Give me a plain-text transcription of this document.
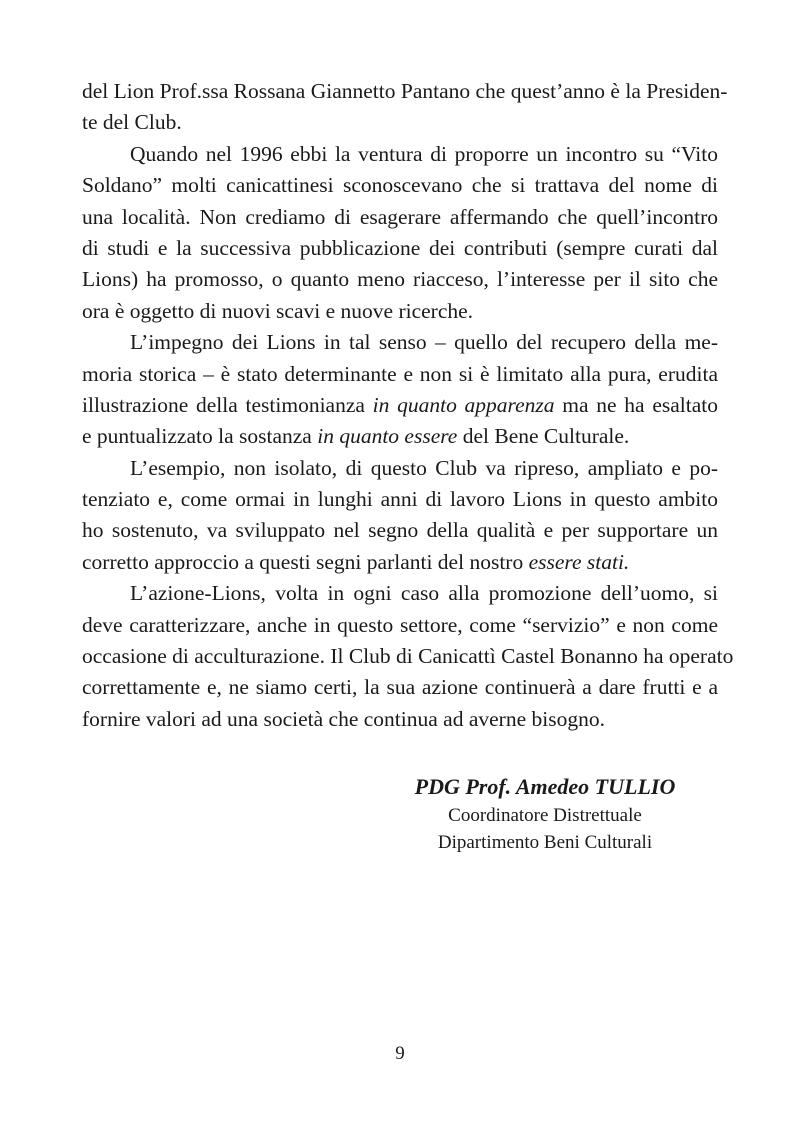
del Lion Prof.ssa Rossana Giannetto Pantano che quest’anno è la Presiden-
te del Club.
Quando nel 1996 ebbi la ventura di proporre un incontro su “Vito
Soldano” molti canicattinesi sconoscevano che si trattava del nome di
una località. Non crediamo di esagerare affermando che quell’incontro
di studi e la successiva pubblicazione dei contributi (sempre curati dal
Lions) ha promosso, o quanto meno riacceso, l’interesse per il sito che
ora è oggetto di nuovi scavi e nuove ricerche.
L’impegno dei Lions in tal senso – quello del recupero della me-
moria storica – è stato determinante e non si è limitato alla pura, erudita
illustrazione della testimonianza in quanto apparenza ma ne ha esaltato
e puntualizzato la sostanza in quanto essere del Bene Culturale.
L’esempio, non isolato, di questo Club va ripreso, ampliato e po-
tenziato e, come ormai in lunghi anni di lavoro Lions in questo ambito
ho sostenuto, va sviluppato nel segno della qualità e per supportare un
corretto approccio a questi segni parlanti del nostro essere stati.
L’azione-Lions, volta in ogni caso alla promozione dell’uomo, si
deve caratterizzare, anche in questo settore, come “servizio” e non come
occasione di acculturazione. Il Club di Canicattì Castel Bonanno ha operato
correttamente e, ne siamo certi, la sua azione continuerà a dare frutti e a
fornire valori ad una società che continua ad averne bisogno.
PDG Prof. Amedeo TULLIO
Coordinatore Distrettuale
Dipartimento Beni Culturali
9
